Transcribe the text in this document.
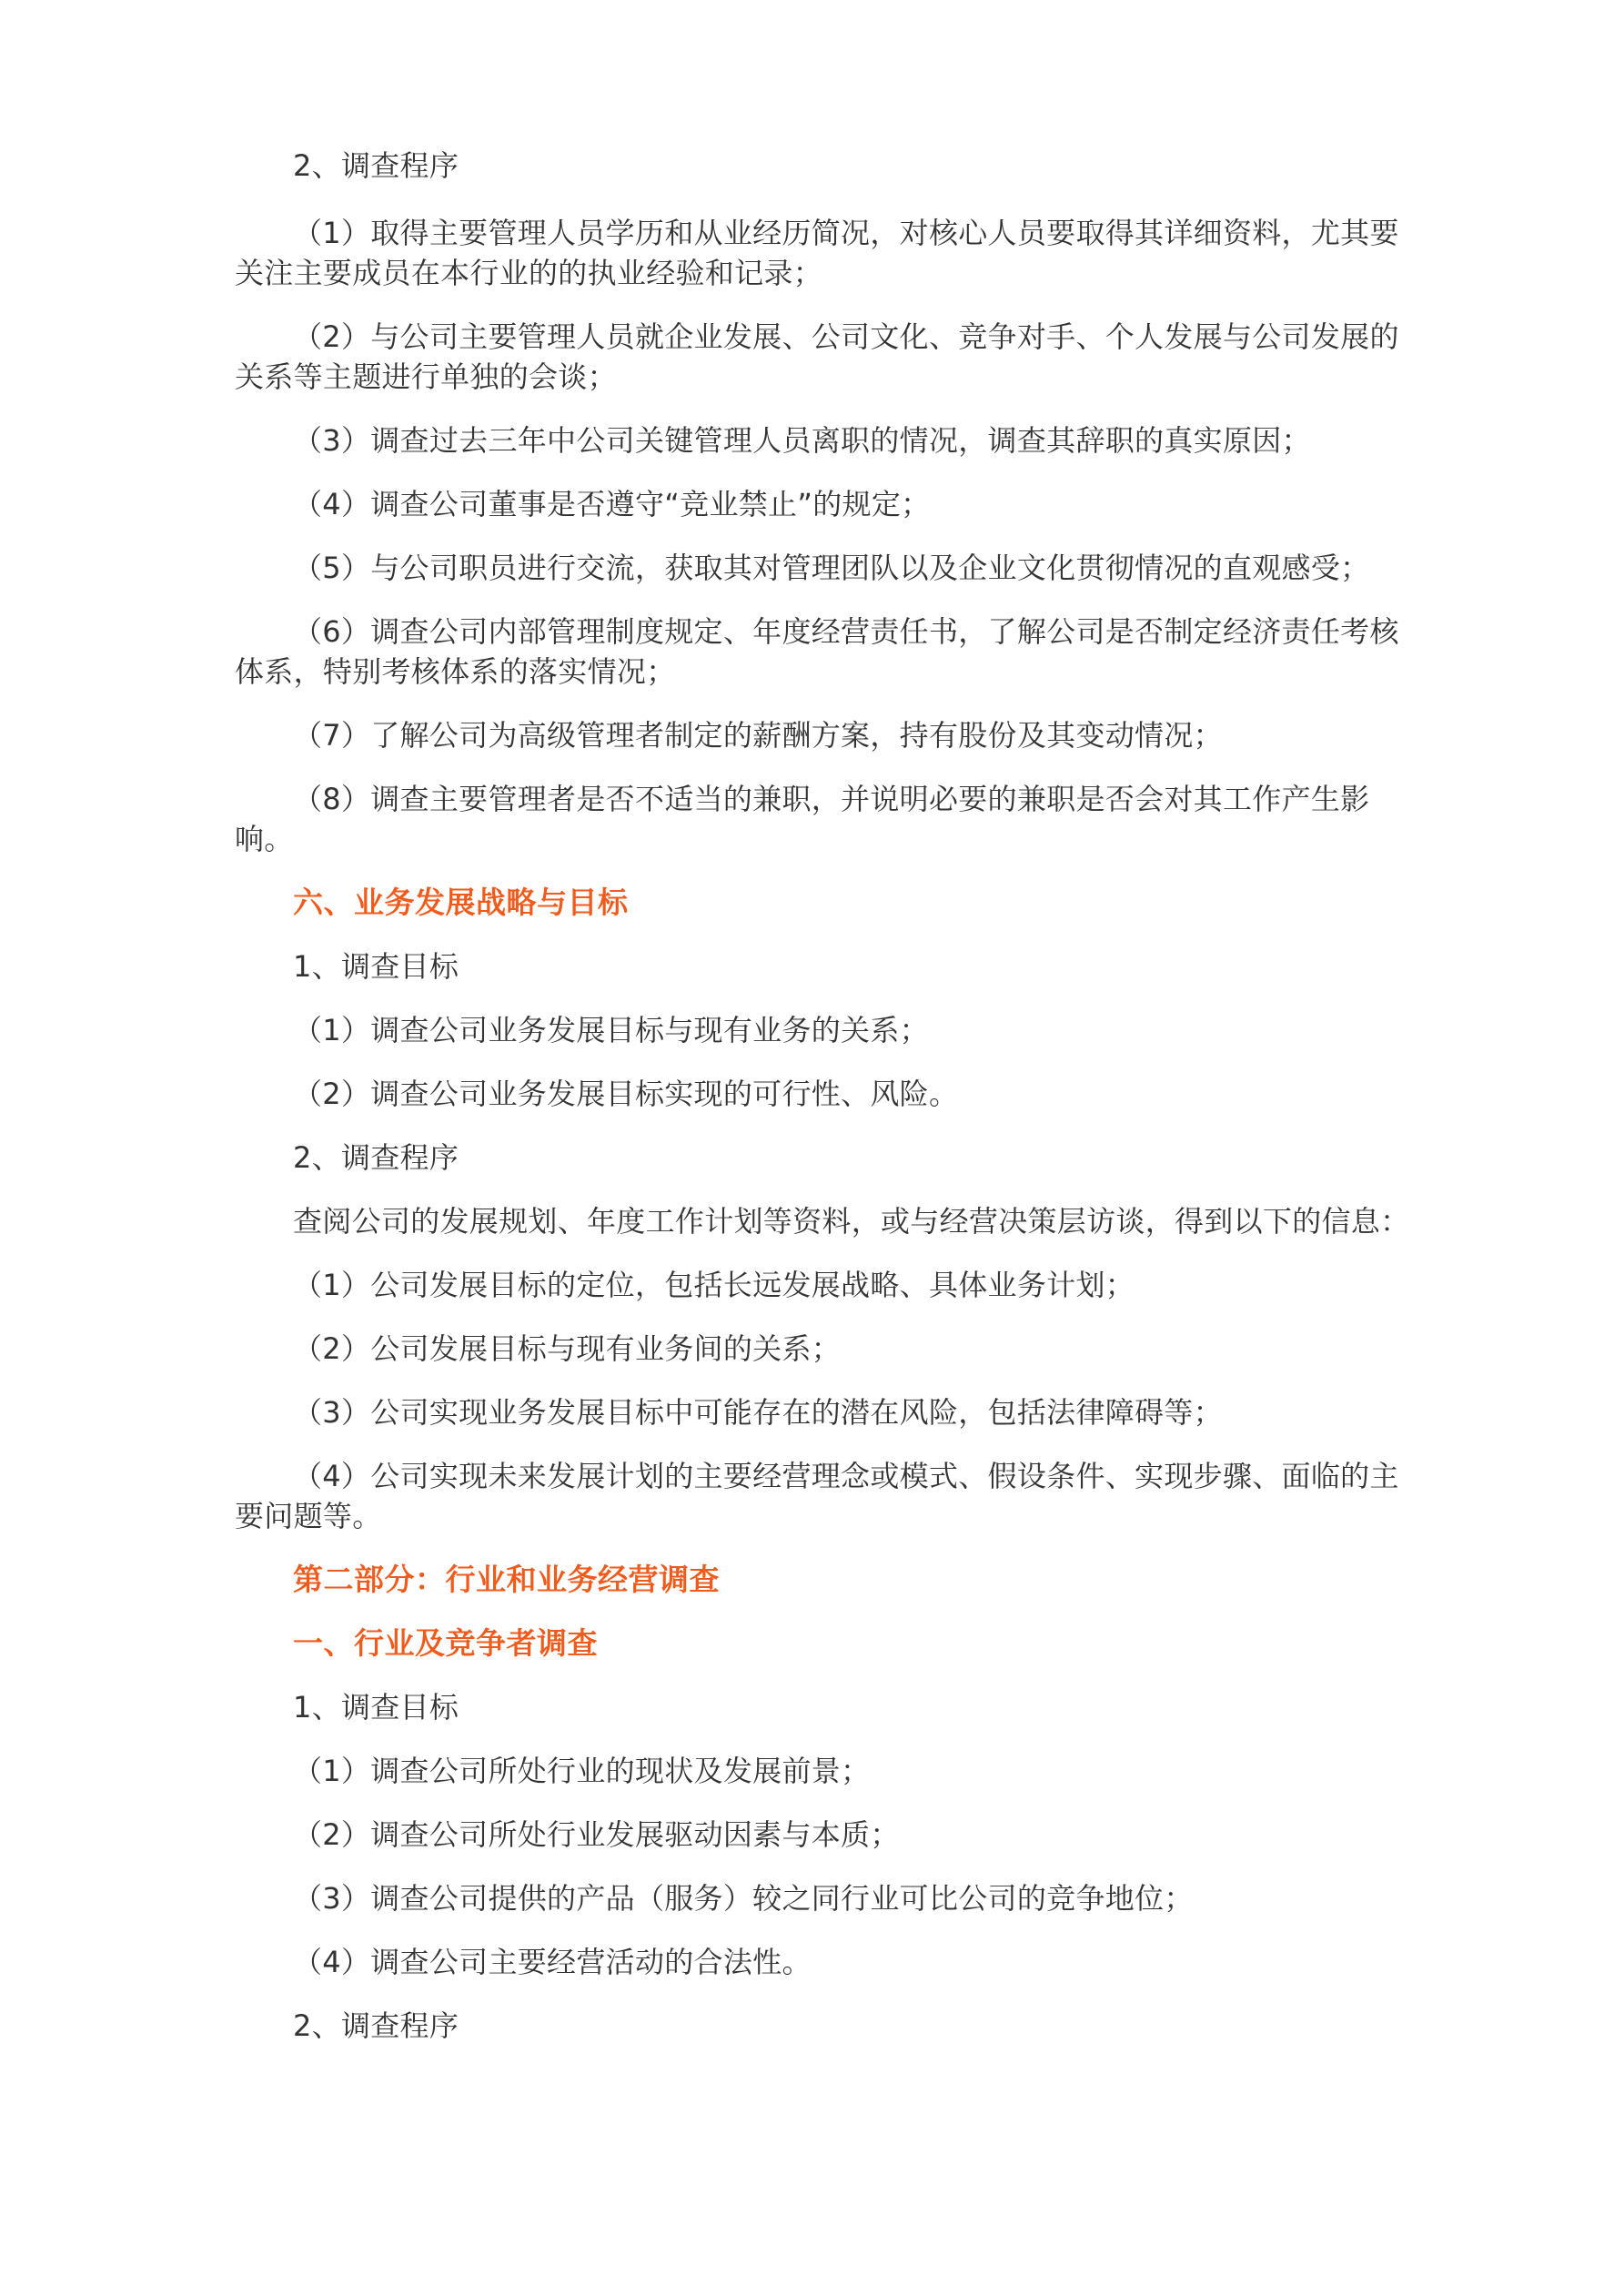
2、调查程序

（1）取得主要管理人员学历和从业经历简况，对核心人员要取得其详细资料，尤其要关注主要成员在本行业的的执业经验和记录；

（2）与公司主要管理人员就企业发展、公司文化、竞争对手、个人发展与公司发展的关系等主题进行单独的会谈；

（3）调查过去三年中公司关键管理人员离职的情况，调查其辞职的真实原因；

（4）调查公司董事是否遵守“竞业禁止”的规定；

（5）与公司职员进行交流，获取其对管理团队以及企业文化贯彻情况的直观感受；

（6）调查公司内部管理制度规定、年度经营责任书，了解公司是否制定经济责任考核体系，特别考核体系的落实情况；

（7）了解公司为高级管理者制定的薪酬方案，持有股份及其变动情况；

（8）调查主要管理者是否不适当的兼职，并说明必要的兼职是否会对其工作产生影响。

六、业务发展战略与目标

1、调查目标

（1）调查公司业务发展目标与现有业务的关系；

（2）调查公司业务发展目标实现的可行性、风险。

2、调查程序

查阅公司的发展规划、年度工作计划等资料，或与经营决策层访谈，得到以下的信息：

（1）公司发展目标的定位，包括长远发展战略、具体业务计划；

（2）公司发展目标与现有业务间的关系；

（3）公司实现业务发展目标中可能存在的潜在风险，包括法律障碍等；

（4）公司实现未来发展计划的主要经营理念或模式、假设条件、实现步骤、面临的主要问题等。

第二部分：行业和业务经营调查

一、行业及竞争者调查

1、调查目标

（1）调查公司所处行业的现状及发展前景；

（2）调查公司所处行业发展驱动因素与本质；

（3）调查公司提供的产品（服务）较之同行业可比公司的竞争地位；

（4）调查公司主要经营活动的合法性。

2、调查程序
